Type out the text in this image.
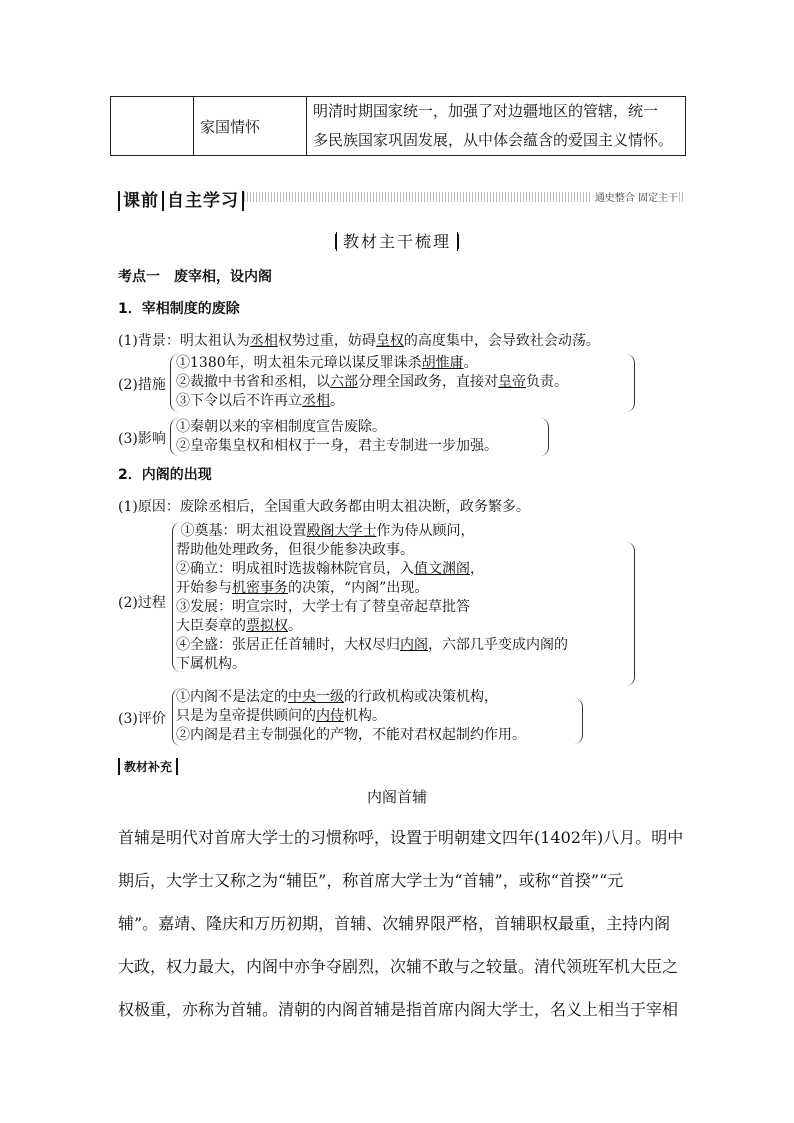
	家国情怀	
明清时期国家统一，加强了对边疆地区的管辖，统一
多民族国家巩固发展，从中体会蕴含的爱国主义情怀。
课前 自主学习	通史整合 固定主干
教材主干梳理
考点一　废宰相，设内阁
1．宰相制度的废除
(1)背景：明太祖认为丞相权势过重，妨碍皇权的高度集中，会导致社会动荡。
(2)措施
①1380年，明太祖朱元璋以谋反罪诛杀胡惟庸。
②裁撤中书省和丞相，以六部分理全国政务，直接对皇帝负责。
③下令以后不许再立丞相。
(3)影响
①秦朝以来的宰相制度宣告废除。
②皇帝集皇权和相权于一身，君主专制进一步加强。
2．内阁的出现
(1)原因：废除丞相后，全国重大政务都由明太祖决断，政务繁多。
(2)过程
①奠基：明太祖设置殿阁大学士作为侍从顾问，
帮助他处理政务，但很少能参决政事。
②确立：明成祖时选拔翰林院官员，入值文渊阁，
开始参与机密事务的决策，“内阁”出现。
③发展：明宣宗时，大学士有了替皇帝起草批答
大臣奏章的票拟权。
④全盛：张居正任首辅时，大权尽归内阁，六部几乎变成内阁的
下属机构。
(3)评价
①内阁不是法定的中央一级的行政机构或决策机构，
只是为皇帝提供顾问的内侍机构。
②内阁是君主专制强化的产物，不能对君权起制约作用。
教材补充
内阁首辅
首辅是明代对首席大学士的习惯称呼，设置于明朝建文四年(1402年)八月。明中
期后，大学士又称之为“辅臣”，称首席大学士为“首辅”，或称“首揆”“元
辅”。嘉靖、隆庆和万历初期，首辅、次辅界限严格，首辅职权最重，主持内阁
大政，权力最大，内阁中亦争夺剧烈，次辅不敢与之较量。清代领班军机大臣之
权极重，亦称为首辅。清朝的内阁首辅是指首席内阁大学士，名义上相当于宰相
